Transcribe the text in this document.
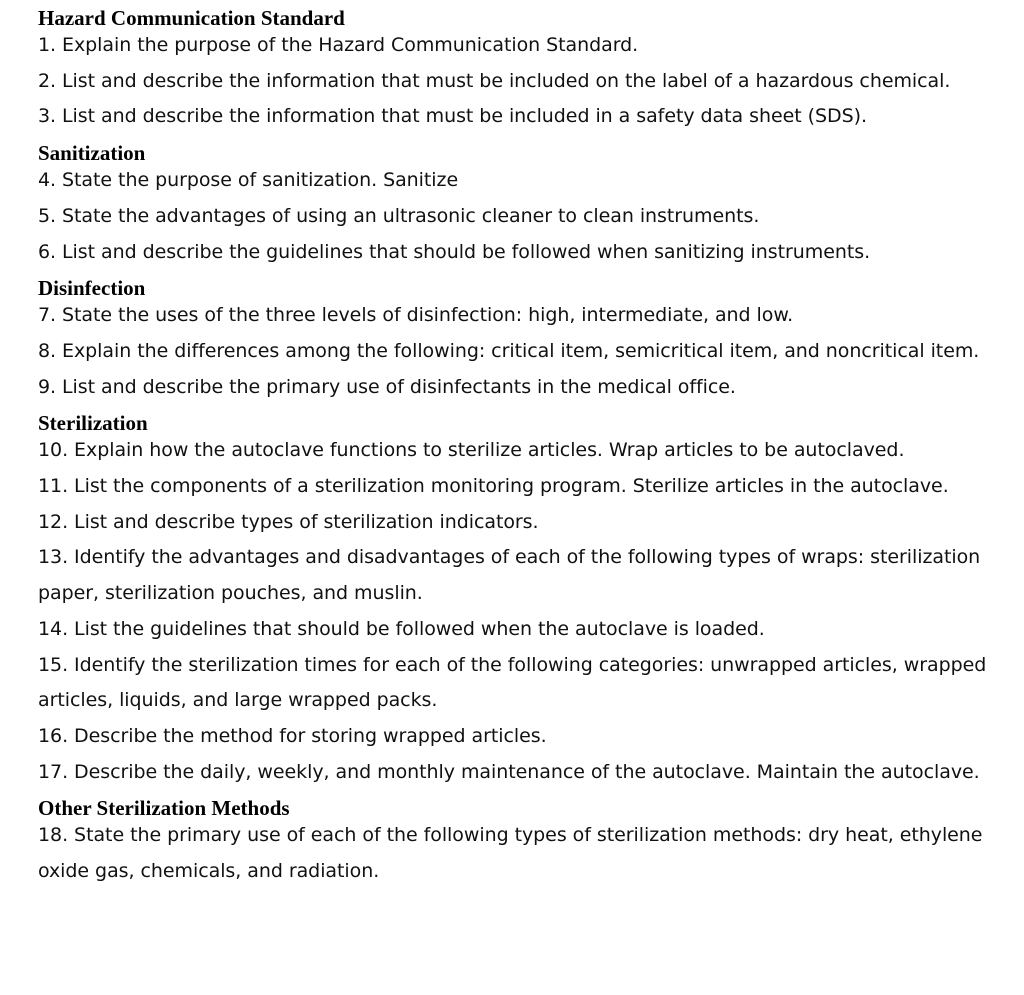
Hazard Communication Standard
1. Explain the purpose of the Hazard Communication Standard.
2. List and describe the information that must be included on the label of a hazardous chemical.
3. List and describe the information that must be included in a safety data sheet (SDS).
Sanitization
4. State the purpose of sanitization. Sanitize
5. State the advantages of using an ultrasonic cleaner to clean instruments.
6. List and describe the guidelines that should be followed when sanitizing instruments.
Disinfection
7. State the uses of the three levels of disinfection: high, intermediate, and low.
8. Explain the differences among the following: critical item, semicritical item, and noncritical item.
9. List and describe the primary use of disinfectants in the medical office.
Sterilization
10. Explain how the autoclave functions to sterilize articles. Wrap articles to be autoclaved.
11. List the components of a sterilization monitoring program. Sterilize articles in the autoclave.
12. List and describe types of sterilization indicators.
13. Identify the advantages and disadvantages of each of the following types of wraps: sterilization paper, sterilization pouches, and muslin.
14. List the guidelines that should be followed when the autoclave is loaded.
15. Identify the sterilization times for each of the following categories: unwrapped articles, wrapped articles, liquids, and large wrapped packs.
16. Describe the method for storing wrapped articles.
17. Describe the daily, weekly, and monthly maintenance of the autoclave. Maintain the autoclave.
Other Sterilization Methods
18. State the primary use of each of the following types of sterilization methods: dry heat, ethylene oxide gas, chemicals, and radiation.
